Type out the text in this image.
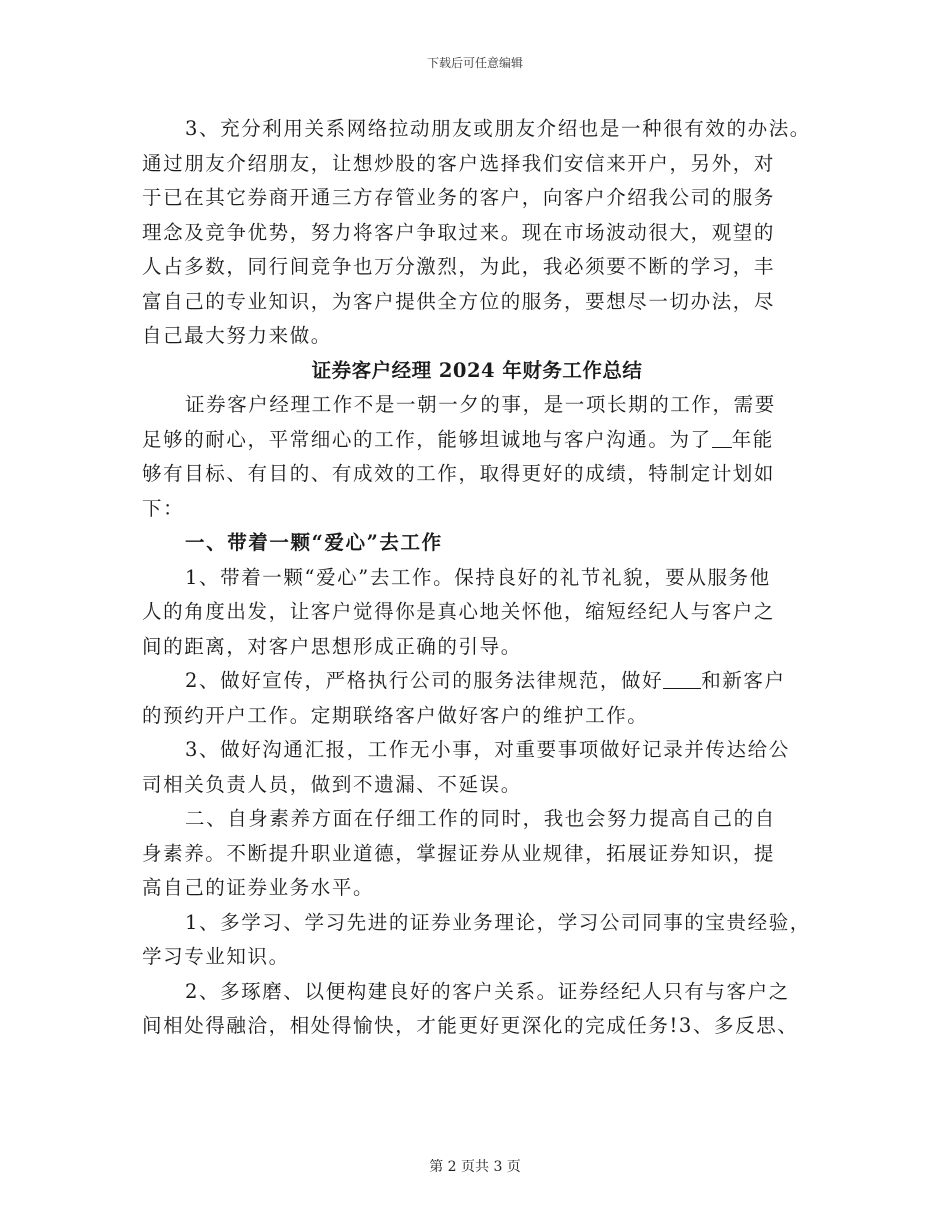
下载后可任意编辑
3、充分利用关系网络拉动朋友或朋友介绍也是一种很有效的办法。
通过朋友介绍朋友，让想炒股的客户选择我们安信来开户，另外，对
于已在其它券商开通三方存管业务的客户，向客户介绍我公司的服务
理念及竞争优势，努力将客户争取过来。现在市场波动很大，观望的
人占多数，同行间竞争也万分激烈，为此，我必须要不断的学习，丰
富自己的专业知识，为客户提供全方位的服务，要想尽一切办法，尽
自己最大努力来做。
证券客户经理 2024 年财务工作总结
证券客户经理工作不是一朝一夕的事，是一项长期的工作，需要
足够的耐心，平常细心的工作，能够坦诚地与客户沟通。为了 年能
够有目标、有目的、有成效的工作，取得更好的成绩，特制定计划如
下：
一、带着一颗“爱心”去工作
1、带着一颗“爱心”去工作。保持良好的礼节礼貌，要从服务他
人的角度出发，让客户觉得你是真心地关怀他，缩短经纪人与客户之
间的距离，对客户思想形成正确的引导。
2、做好宣传，严格执行公司的服务法律规范，做好 和新客户
的预约开户工作。定期联络客户做好客户的维护工作。
3、做好沟通汇报，工作无小事，对重要事项做好记录并传达给公
司相关负责人员，做到不遗漏、不延误。
二、自身素养方面在仔细工作的同时，我也会努力提高自己的自
身素养。不断提升职业道德，掌握证券从业规律，拓展证券知识，提
高自己的证券业务水平。
1、多学习、学习先进的证券业务理论，学习公司同事的宝贵经验，
学习专业知识。
2、多琢磨、以便构建良好的客户关系。证券经纪人只有与客户之
间相处得融洽，相处得愉快，才能更好更深化的完成任务!3、多反思、
第 2 页共 3 页
